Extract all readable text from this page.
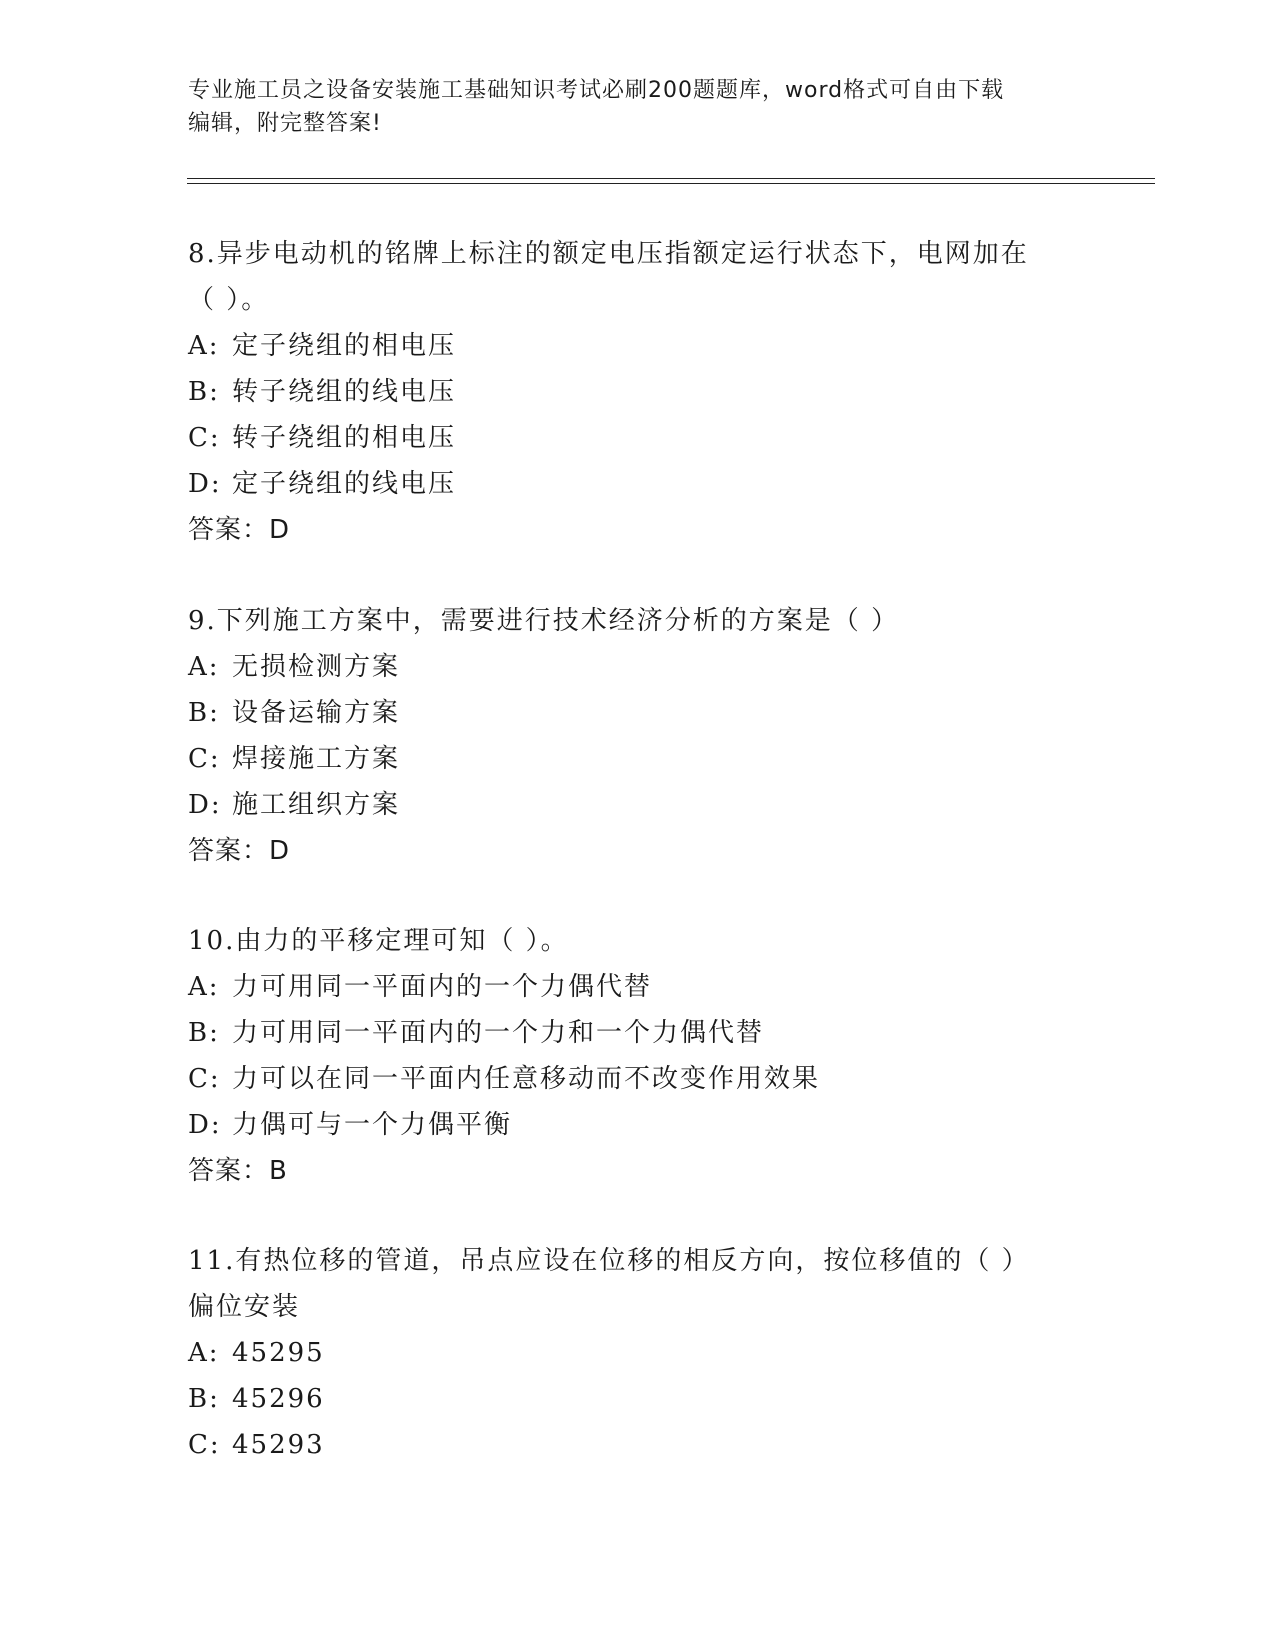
专业施工员之设备安装施工基础知识考试必刷200题题库，word格式可自由下载
编辑，附完整答案!
8.异步电动机的铭牌上标注的额定电压指额定运行状态下，电网加在
（ ）。
A: 定子绕组的相电压
B: 转子绕组的线电压
C: 转子绕组的相电压
D: 定子绕组的线电压
答案：D
9.下列施工方案中，需要进行技术经济分析的方案是（ ）
A: 无损检测方案
B: 设备运输方案
C: 焊接施工方案
D: 施工组织方案
答案：D
10.由力的平移定理可知（ ）。
A: 力可用同一平面内的一个力偶代替
B: 力可用同一平面内的一个力和一个力偶代替
C: 力可以在同一平面内任意移动而不改变作用效果
D: 力偶可与一个力偶平衡
答案：B
11.有热位移的管道，吊点应设在位移的相反方向，按位移值的（ ）
偏位安装
A: 45295
B: 45296
C: 45293
